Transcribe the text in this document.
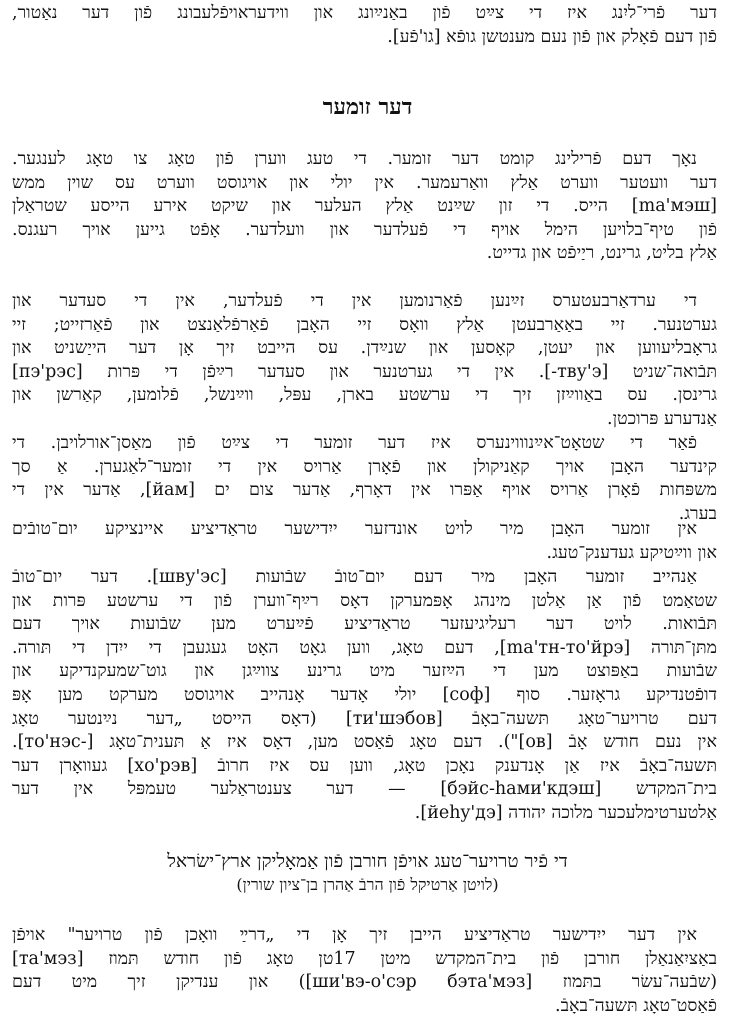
דער פֿרי־ליִנג איז די צײַט פֿון באַנײַונג און ווידעראויפֿלעבונג פֿון דער נאַטור,
פֿון דעם פֿאָלק און פֿון נעם מענטשן גופֿא [גו'פֿע].
דער זומער
נאָך דעם פֿרילינג קומט דער זומער. די טעג ווערן פֿון טאָג צו טאָג לענגער.
דער וועטער ווערט אַלץ וואַרעמער. אין יולי און אויגוסט ווערט עס שוין ממש
[ma'мэш] הייס. די זון שײַנט אַלץ העלער און שיקט אירע הייסע שטראַלן
פֿון טיף־בלויען הימל אויף די פֿעלדער און וועלדער. אָפֿט גייען אויך רעגנס.
אַלץ בליט, גרינט, ריַיפֿט און גדייט.
די ערדאַרבעטערס זײַנען פֿאַרנומען אין די פֿעלדער, אין די סעדער און
גערטנער. זיי באַאַרבעטן אַלץ וואָס זיי האָבן פֿאַרפֿלאַנצט און פֿאַרזייט; זיי
גראָבליעווען און יעטן, קאָסען און שנײַדן. עס הייבט זיך אָן דער הייַשניט און
תּבֿואה־שניט [тву'э-]. אין די גערטנער און סעדער רײַפֿן די פּרות [пэ'рэс]
גרינסן. עס באַווײַזן זיך די ערשטע בארן, עפּל, ווײַנשל, פֿלומען, קאַרשן און
אַנדערע פּרוכטן.
פֿאַר די שטאָט־אײַנוווינערס איז דער זומער די צײַט פֿון מאַסן־אורלויבן. די
קינדער האָבן אויך קאַניקולן און פֿאָרן אַרויס אין די זומער־לאַגערן. אַ סך
משפּחות פֿאָרן אַרויס אויף אַפּרו אין דאָרף, אַדער צום ים [йам], אַדער אין די
בערג.
אין זומער האָבן מיר לויט אונדזער ייִדישער טראַדיציע איינציקע יום־טובֿים
און ווײַטיקע געדענק־טעג.
אַנהייב זומער האָבן מיר דעם יום־טובֿ שבֿועות [шву'эс]. דער יום־טובֿ
שטאַמט פֿון אַן אַלטן מינהג אָפּמערקן דאָס רײַף־ווערן פֿון די ערשטע פּרות און
תּבֿואות. לויט דער רעליגיעזער טראַדיציע פֿײַערט מען שבֿועות אויך דעם
מתּן־תּורה [ma'тн-то'йрэ], דעם טאָג, ווען גאָט האָט געגעבן די ייִדן די תּורה.
שבֿועות באַפּוצט מען די הײַזער מיט גרינע צווײַגן און גוט־שמעקנדיקע און
דופֿטנדיקע גראָזער. סוף [соф] יולי אָדער אָנהייב אויגוסט מערקט מען אָפּ
דעם טרויער־טאָג תּשעה־באָבֿ [ти'шэбов] (דאָס הייסט „דער נײַנטער טאָג
אין נעם חודש אָבֿ [ов]"). דעם טאָג פֿאַסט מען, דאָס איז אַ תּענית־טאָג [-то'нэс].
תּשעה־באָבֿ איז אַן אָנדענק נאָכן טאָג, ווען עס איז חרובֿ [хо'рэв] געוואָרן דער
בית־המקדש [бэйс-hами'кдэш] — דער צענטראַלער טעמפּל אין דער
אַלטערטימלעכער מלוכה יהודה [йеhy'дэ].
די פֿיר טרויער־טעג אויפֿן חורבן פֿון אַמאָליקן ארץ־ישׂראל
(לויטן אַרטיקל פֿון הרבֿ אַהרן בן־ציון שורין)
אין דער ייִדישער טראַדיציע הייבן זיך אָן די „דרײַ וואָכן פֿון טרויער" אויפֿן
באַציִאַנאַלן חורבן פֿון בית־המקדש מיטן 17טן טאָג פֿון חודש תּמוז [та'мэз]
(שבֿעה־עשׂר בתּמוז [ши'вэ-о'сэр бэта'мэз]) און ענדיקן זיך מיט דעם
פֿאַסט־טאָג תּשעה־באָבֿ.
